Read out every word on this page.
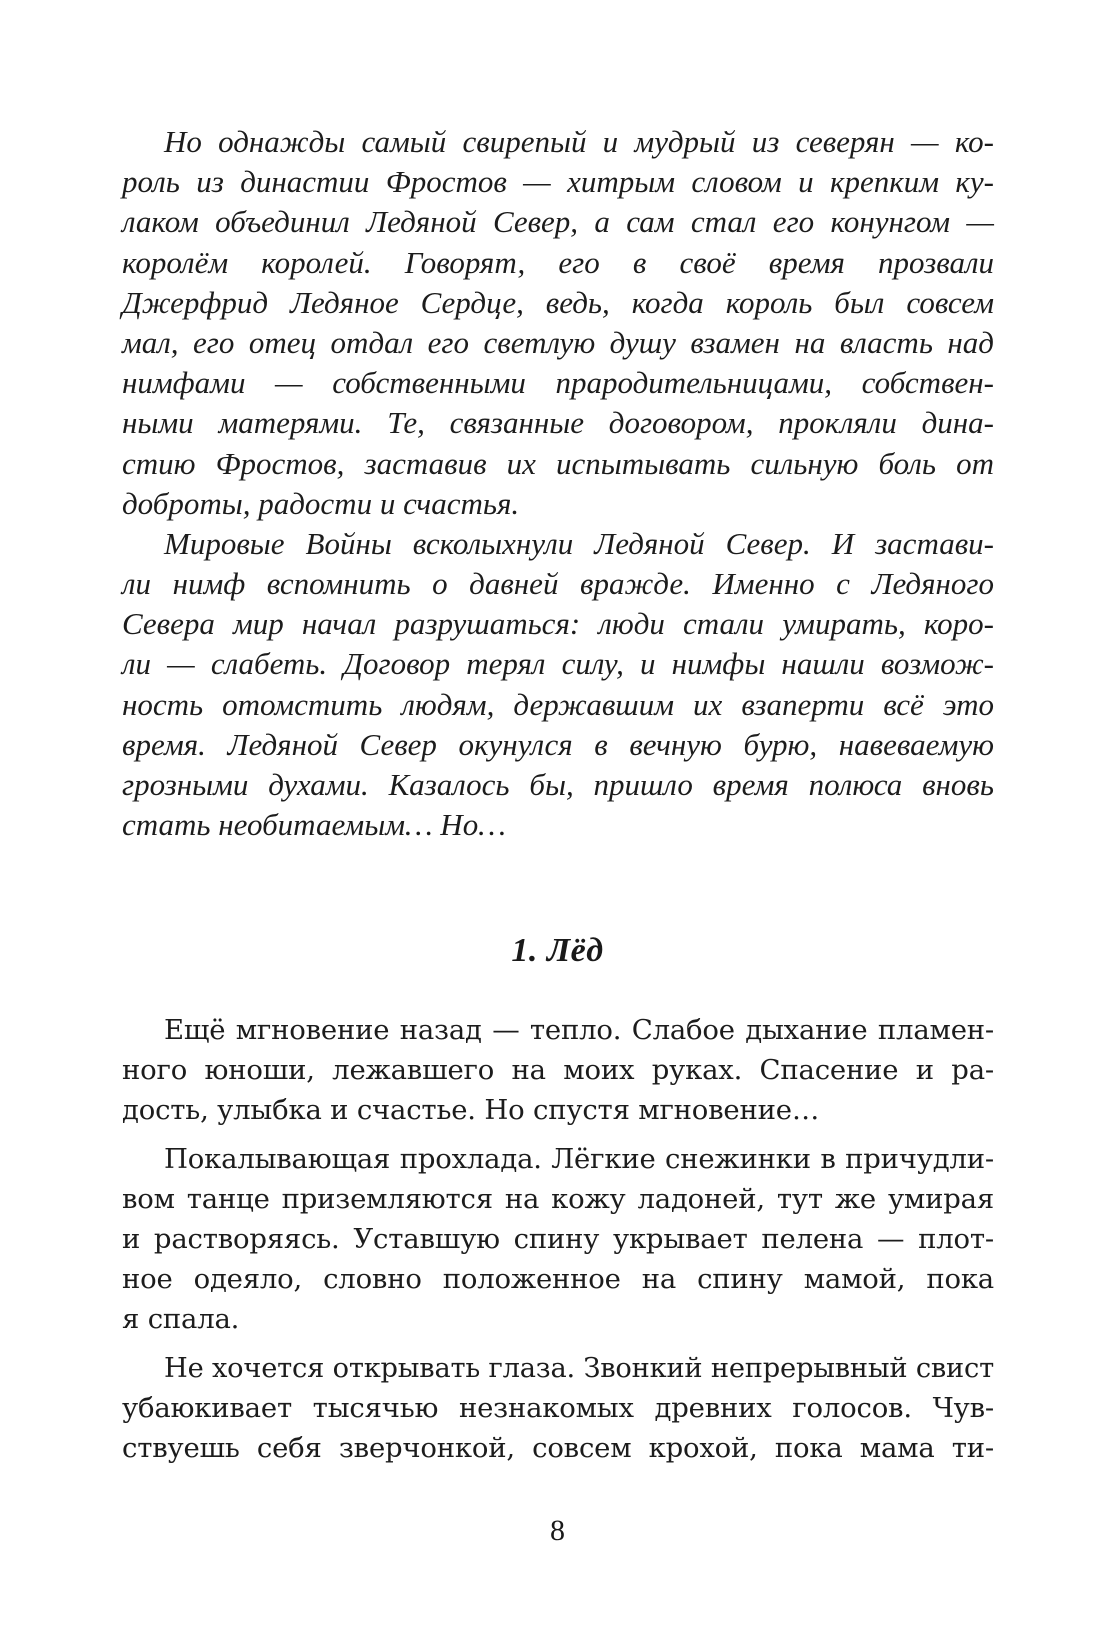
Но однажды самый свирепый и мудрый из северян — ко-
роль из династии Фростов — хитрым словом и крепким ку-
лаком объединил Ледяной Север, а сам стал его конунгом —
королём королей. Говорят, его в своё время прозвали
Джерфрид Ледяное Сердце, ведь, когда король был совсем
мал, его отец отдал его светлую душу взамен на власть над
нимфами — собственными прародительницами, собствен-
ными матерями. Те, связанные договором, прокляли дина-
стию Фростов, заставив их испытывать сильную боль от
доброты, радости и счастья.
Мировые Войны всколыхнули Ледяной Север. И застави-
ли нимф вспомнить о давней вражде. Именно с Ледяного
Севера мир начал разрушаться: люди стали умирать, коро-
ли — слабеть. Договор терял силу, и нимфы нашли возмож-
ность отомстить людям, державшим их взаперти всё это
время. Ледяной Север окунулся в вечную бурю, навеваемую
грозными духами. Казалось бы, пришло время полюса вновь
стать необитаемым… Но…
1. Лёд
Ещё мгновение назад — тепло. Слабое дыхание пламен-
ного юноши, лежавшего на моих руках. Спасение и ра-
дость, улыбка и счастье. Но спустя мгновение…
Покалывающая прохлада. Лёгкие снежинки в причудли-
вом танце приземляются на кожу ладоней, тут же умирая
и растворяясь. Уставшую спину укрывает пелена — плот-
ное одеяло, словно положенное на спину мамой, пока
я спала.
Не хочется открывать глаза. Звонкий непрерывный свист
убаюкивает тысячью незнакомых древних голосов. Чув-
ствуешь себя зверчонкой, совсем крохой, пока мама ти-
8
